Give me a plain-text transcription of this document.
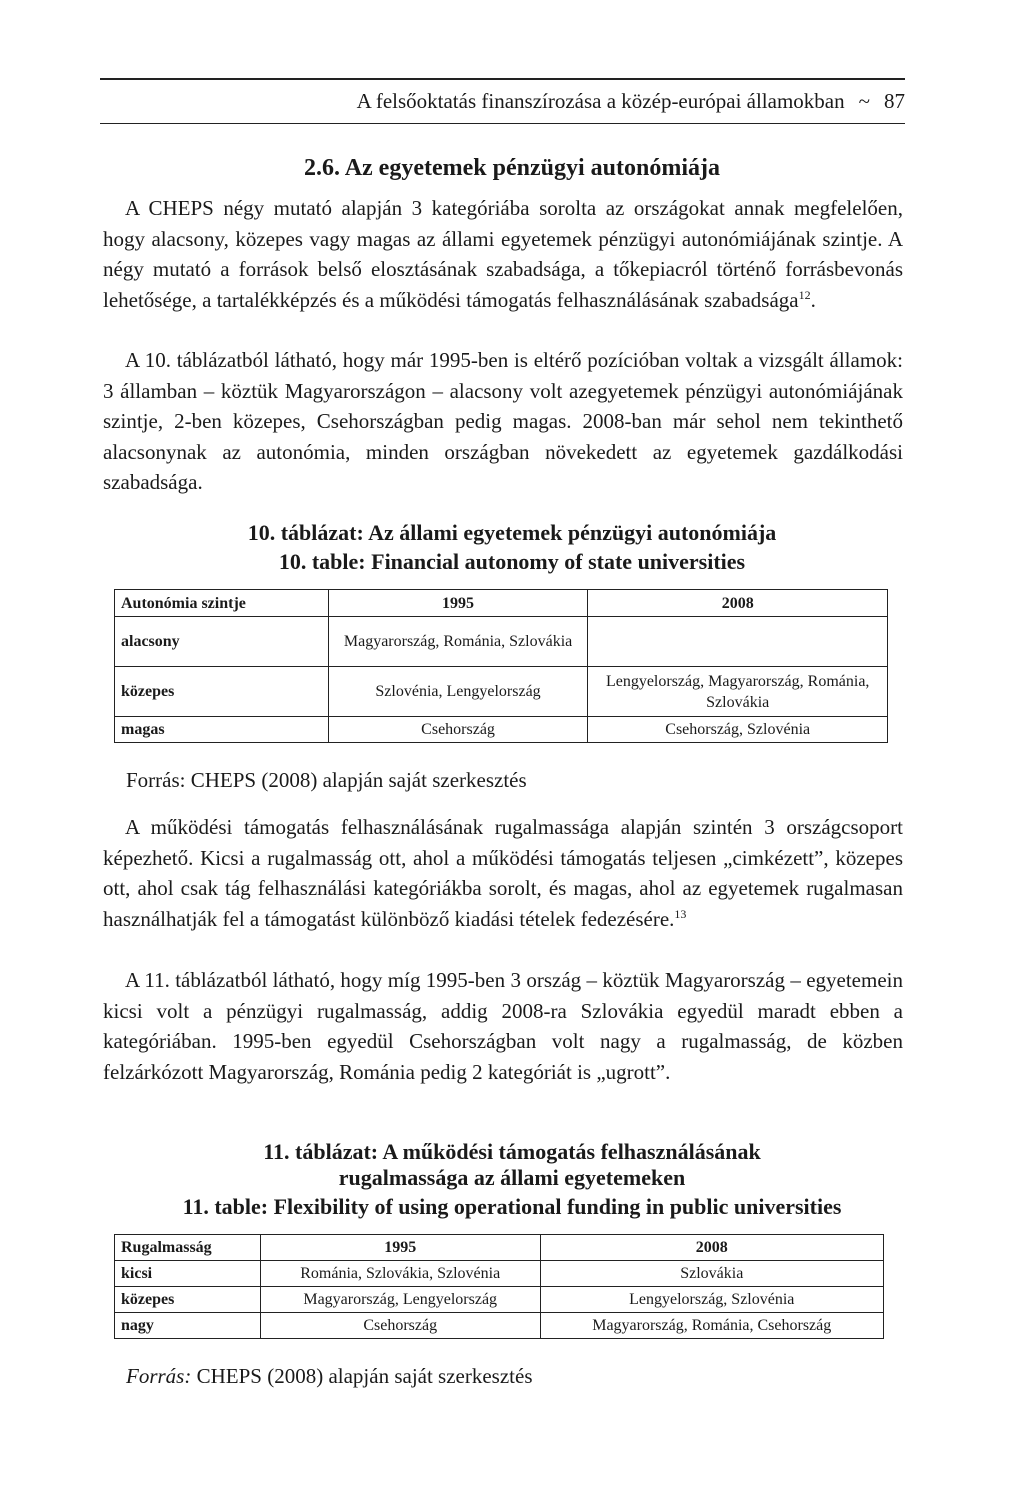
A felsőoktatás finanszírozása a közép-európai államokban ~ 87
2.6. Az egyetemek pénzügyi autonómiája

A CHEPS négy mutató alapján 3 kategóriába sorolta az országokat annak megfelelően, hogy alacsony, közepes vagy magas az állami egyetemek pénzügyi autonómiájának szintje. A négy mutató a források belső elosztásának szabadsága, a tőkepiacról történő forrásbevonás lehetősége, a tartalékképzés és a működési támogatás felhasználásának szabadsága$^{12}$.

A 10. táblázatból látható, hogy már 1995-ben is eltérő pozícióban voltak a vizsgált államok: 3 államban – köztük Magyarországon – alacsony volt azegyetemek pénzügyi autonómiájának szintje, 2-ben közepes, Csehországban pedig magas. 2008-ban már sehol nem tekinthető alacsonynak az autonómia, minden országban növekedett az egyetemek gazdálkodási szabadsága.

10. táblázat: Az állami egyetemek pénzügyi autonómiája
10. table: Financial autonomy of state universities
Autonómia szintje	1995	2008
alacsony	Magyarország, Románia, Szlovákia	
közepes	Szlovénia, Lengyelország	Lengyelország, Magyarország, Románia, Szlovákia
magas	Csehország	Csehország, Szlovénia
Forrás: CHEPS (2008) alapján saját szerkesztés

A működési támogatás felhasználásának rugalmassága alapján szintén 3 országcsoport képezhető. Kicsi a rugalmasság ott, ahol a működési támogatás teljesen „cimkézett”, közepes ott, ahol csak tág felhasználási kategóriákba sorolt, és magas, ahol az egyetemek rugalmasan használhatják fel a támogatást különböző kiadási tételek fedezésére.$^{13}$

A 11. táblázatból látható, hogy míg 1995-ben 3 ország – köztük Magyarország – egyetemein kicsi volt a pénzügyi rugalmasság, addig 2008-ra Szlovákia egyedül maradt ebben a kategóriában. 1995-ben egyedül Csehországban volt nagy a rugalmasság, de közben felzárkózott Magyarország, Románia pedig 2 kategóriát is „ugrott”.

11. táblázat: A működési támogatás felhasználásának
rugalmassága az állami egyetemeken
11. table: Flexibility of using operational funding in public universities
Rugalmasság	1995	2008
kicsi	Románia, Szlovákia, Szlovénia	Szlovákia
közepes	Magyarország, Lengyelország	Lengyelország, Szlovénia
nagy	Csehország	Magyarország, Románia, Csehország
Forrás: CHEPS (2008) alapján saját szerkesztés
